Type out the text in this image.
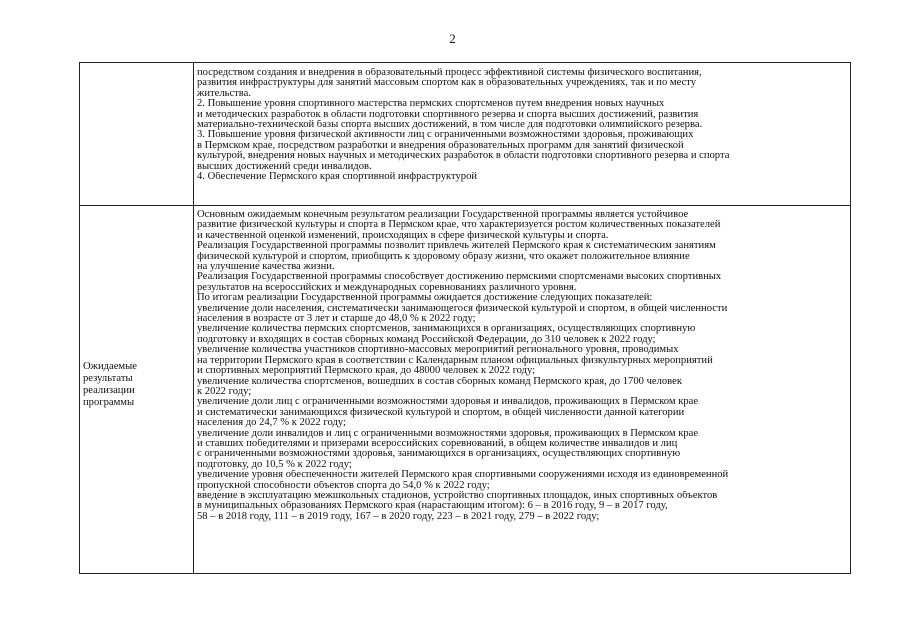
2
посредством создания и внедрения в образовательный процесс эффективной системы физического воспитания,
развития инфраструктуры для занятий массовым спортом как в образовательных учреждениях, так и по месту
жительства.
2. Повышение уровня спортивного мастерства пермских спортсменов путем внедрения новых научных
и методических разработок в области подготовки спортивного резерва и спорта высших достижений, развития
материально-технической базы спорта высших достижений, в том числе для подготовки олимпийского резерва.
3. Повышение уровня физической активности лиц с ограниченными возможностями здоровья, проживающих
в Пермском крае, посредством разработки и внедрения образовательных программ для занятий физической
культурой, внедрения новых научных и методических разработок в области подготовки спортивного резерва и спорта
высших достижений среди инвалидов.
4. Обеспечение Пермского края спортивной инфраструктурой
Ожидаемые
результаты
реализации
программы
Основным ожидаемым конечным результатом реализации Государственной программы является устойчивое
развитие физической культуры и спорта в Пермском крае, что характеризуется ростом количественных показателей
и качественной оценкой изменений, происходящих в сфере физической культуры и спорта.
Реализация Государственной программы позволит привлечь жителей Пермского края к систематическим занятиям
физической культурой и спортом, приобщить к здоровому образу жизни, что окажет положительное влияние
на улучшение качества жизни.
Реализация Государственной программы способствует достижению пермскими спортсменами высоких спортивных
результатов на всероссийских и международных соревнованиях различного уровня.
По итогам реализации Государственной программы ожидается достижение следующих показателей:
увеличение доли населения, систематически занимающегося физической культурой и спортом, в общей численности
населения в возрасте от 3 лет и старше до 48,0 % к 2022 году;
увеличение количества пермских спортсменов, занимающихся в организациях, осуществляющих спортивную
подготовку и входящих в состав сборных команд Российской Федерации, до 310 человек к 2022 году;
увеличение количества участников спортивно-массовых мероприятий регионального уровня, проводимых
на территории Пермского края в соответствии с Календарным планом официальных физкультурных мероприятий
и спортивных мероприятий Пермского края, до 48000 человек к 2022 году;
увеличение количества спортсменов, вошедших в состав сборных команд Пермского края, до 1700 человек
к 2022 году;
увеличение доли лиц с ограниченными возможностями здоровья и инвалидов, проживающих в Пермском крае
и систематически занимающихся физической культурой и спортом, в общей численности данной категории
населения до 24,7 % к 2022 году;
увеличение доли инвалидов и лиц с ограниченными возможностями здоровья, проживающих в Пермском крае
и ставших победителями и призерами всероссийских соревнований, в общем количестве инвалидов и лиц
с ограниченными возможностями здоровья, занимающихся в организациях, осуществляющих спортивную
подготовку, до 10,5 % к 2022 году;
увеличение уровня обеспеченности жителей Пермского края спортивными сооружениями исходя из единовременной
пропускной способности объектов спорта до 54,0 % к 2022 году;
введение в эксплуатацию межшкольных стадионов, устройство спортивных площадок, иных спортивных объектов
в муниципальных образованиях Пермского края (нарастающим итогом): 6 – в 2016 году, 9 – в 2017 году,
58 – в 2018 году, 111 – в 2019 году, 167 – в 2020 году, 223 – в 2021 году, 279 – в 2022 году;
